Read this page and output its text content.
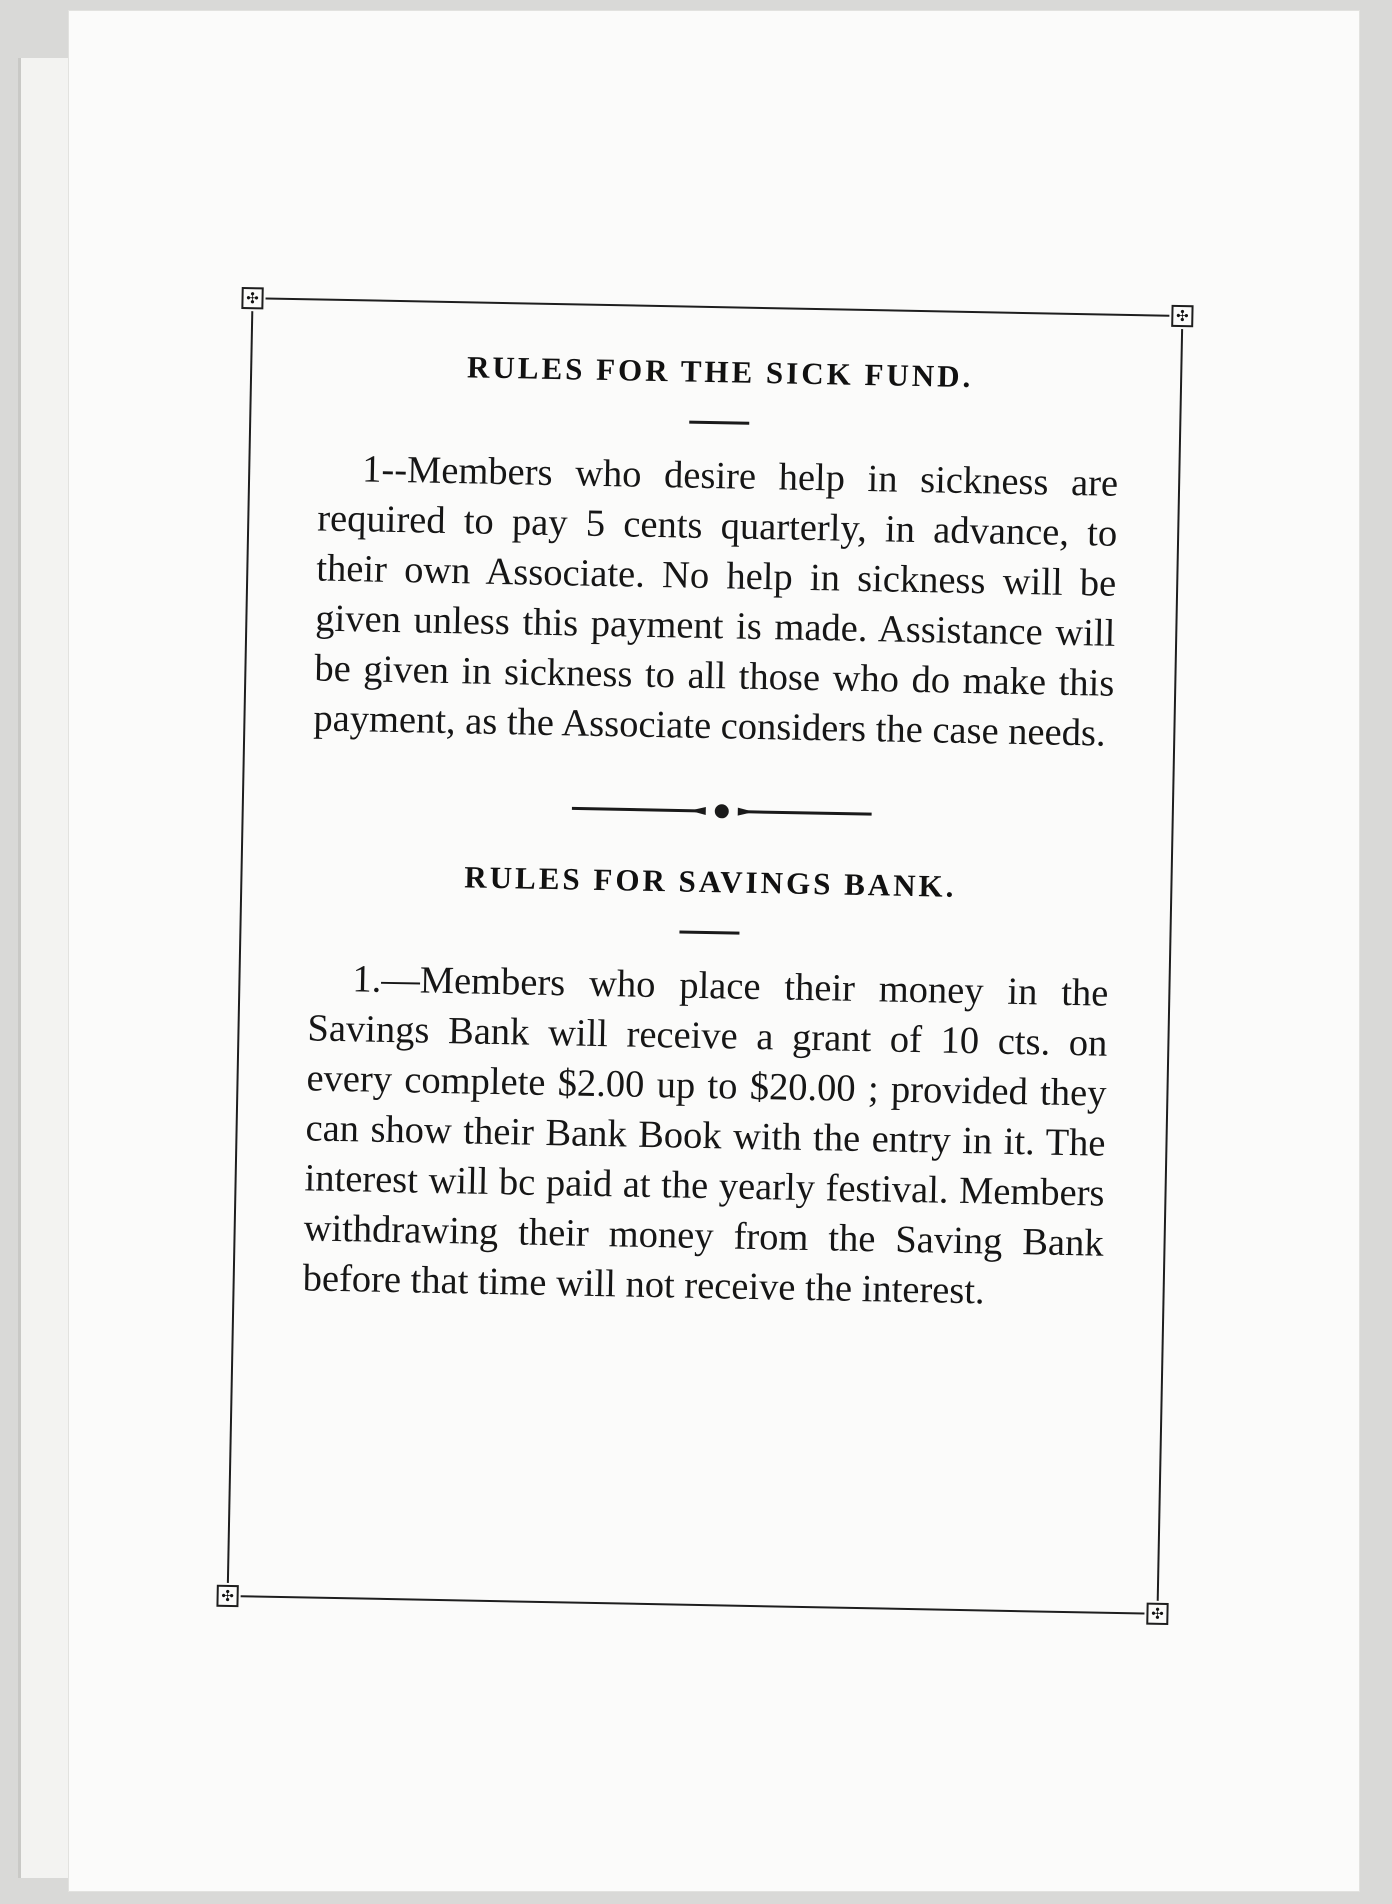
✣
✣
✣
✣
RULES FOR THE SICK FUND.
1--Members who desire help in sickness are required to pay 5 cents quarterly, in advance, to their own Associate. No help in sickness will be given unless this payment is made. Assistance will be given in sickness to all those who do make this payment, as the Associate considers the case needs.
RULES FOR SAVINGS BANK.
1.—Members who place their money in the Savings Bank will receive a grant of 10 cts. on every complete $2.00 up to $20.00 ; provided they can show their Bank Book with the entry in it. The interest will bc paid at the yearly festival. Members withdrawing their money from the Saving Bank before that time will not receive the interest.
